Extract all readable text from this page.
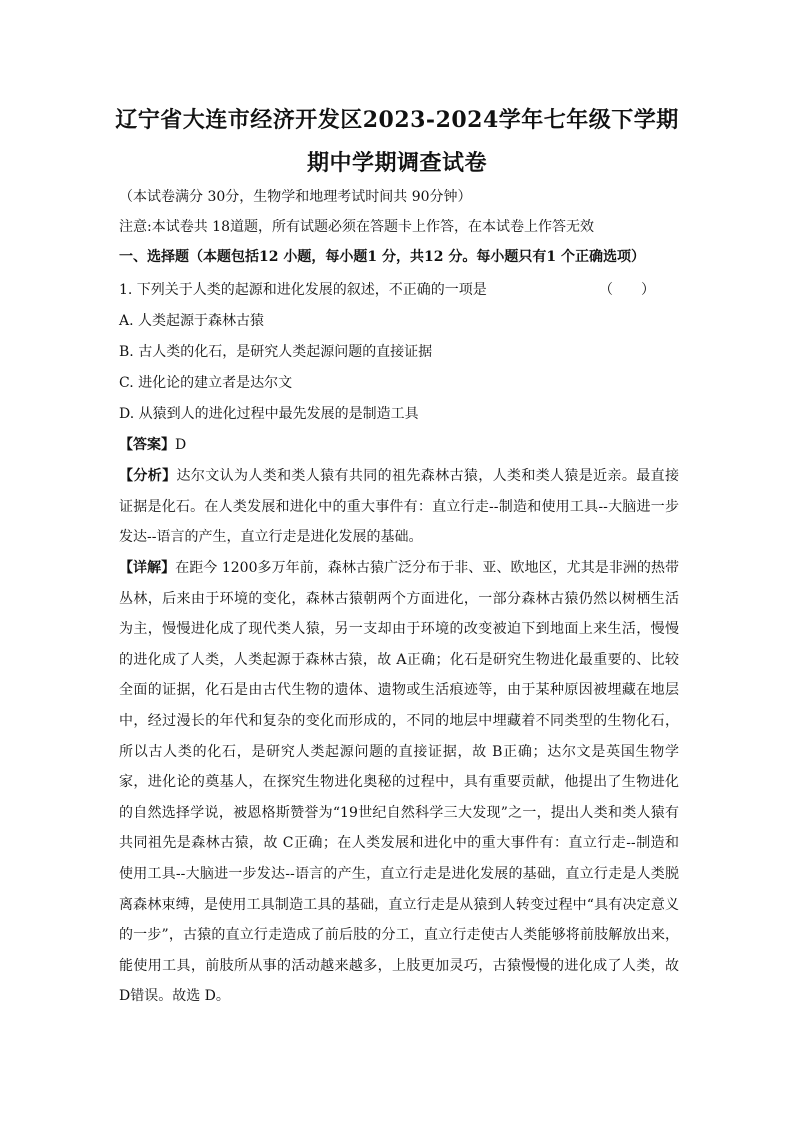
辽宁省大连市经济开发区2023-2024学年七年级下学期
期中学期调查试卷
（本试卷满分 30分，生物学和地理考试时间共 90分钟）
注意:本试卷共 18道题，所有试题必须在答题卡上作答，在本试卷上作答无效
一、选择题（本题包括12 小题，每小题1 分，共12 分。每小题只有1 个正确选项）
1. 下列关于人类的起源和进化发展的叙述，不正确的一项是	（　　）
A. 人类起源于森林古猿
B. 古人类的化石，是研究人类起源问题的直接证据
C. 进化论的建立者是达尔文
D. 从猿到人的进化过程中最先发展的是制造工具
【答案】D
【分析】达尔文认为人类和类人猿有共同的祖先森林古猿，人类和类人猿是近亲。最直接
证据是化石。在人类发展和进化中的重大事件有：直立行走--制造和使用工具--大脑进一步
发达--语言的产生，直立行走是进化发展的基础。
【详解】在距今 1200多万年前，森林古猿广泛分布于非、亚、欧地区，尤其是非洲的热带
丛林，后来由于环境的变化，森林古猿朝两个方面进化，一部分森林古猿仍然以树栖生活
为主，慢慢进化成了现代类人猿，另一支却由于环境的改变被迫下到地面上来生活，慢慢
的进化成了人类，人类起源于森林古猿，故 A正确；化石是研究生物进化最重要的、比较
全面的证据，化石是由古代生物的遗体、遗物或生活痕迹等，由于某种原因被埋藏在地层
中，经过漫长的年代和复杂的变化而形成的，不同的地层中埋藏着不同类型的生物化石，
所以古人类的化石，是研究人类起源问题的直接证据，故 B正确；达尔文是英国生物学
家，进化论的奠基人，在探究生物进化奥秘的过程中，具有重要贡献，他提出了生物进化
的自然选择学说，被恩格斯赞誉为“19世纪自然科学三大发现”之一，提出人类和类人猿有
共同祖先是森林古猿，故 C正确；在人类发展和进化中的重大事件有：直立行走--制造和
使用工具--大脑进一步发达--语言的产生，直立行走是进化发展的基础，直立行走是人类脱
离森林束缚，是使用工具制造工具的基础，直立行走是从猿到人转变过程中“具有决定意义
的一步”，古猿的直立行走造成了前后肢的分工，直立行走使古人类能够将前肢解放出来，
能使用工具，前肢所从事的活动越来越多，上肢更加灵巧，古猿慢慢的进化成了人类，故
D错误。故选 D。
